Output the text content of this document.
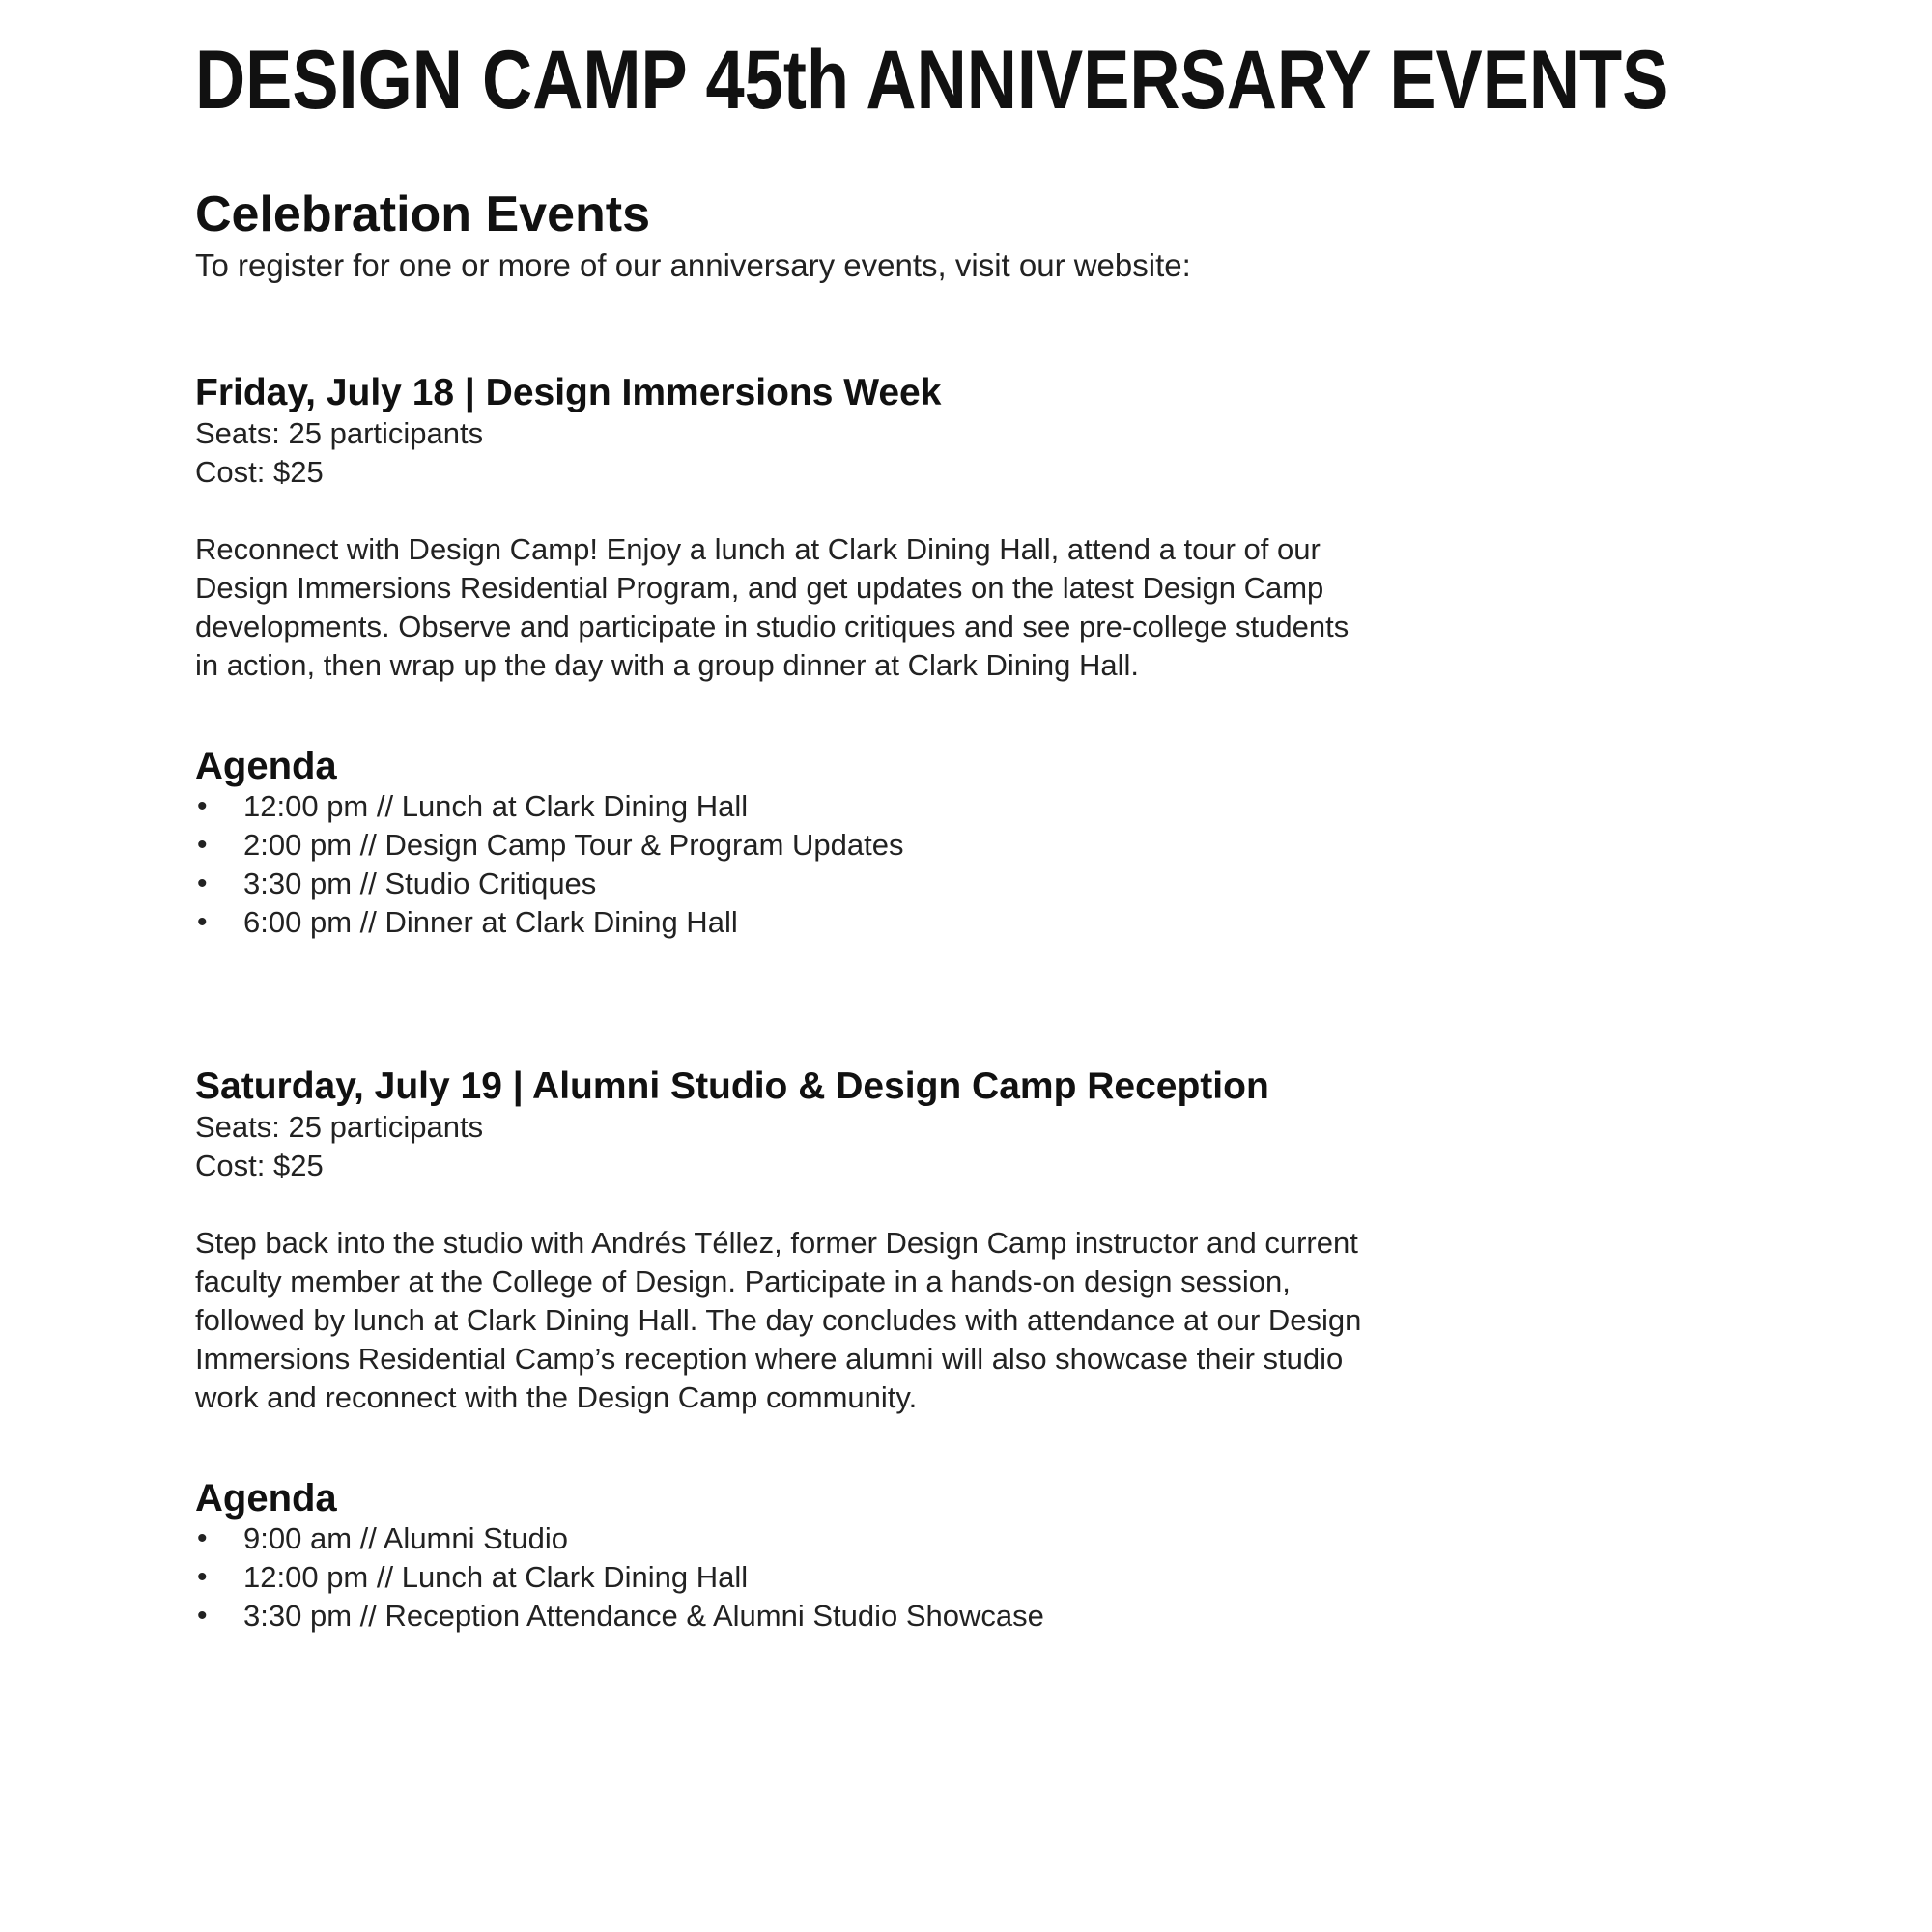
DESIGN CAMP 45th ANNIVERSARY EVENTS
Celebration Events
To register for one or more of our anniversary events, visit our website:
Friday, July 18 | Design Immersions Week
Seats: 25 participants
Cost: $25
Reconnect with Design Camp! Enjoy a lunch at Clark Dining Hall, attend a tour of our Design Immersions Residential Program, and get updates on the latest Design Camp developments. Observe and participate in studio critiques and see pre-college students in action, then wrap up the day with a group dinner at Clark Dining Hall.
Agenda
• 12:00 pm // Lunch at Clark Dining Hall
• 2:00 pm // Design Camp Tour & Program Updates
• 3:30 pm // Studio Critiques
• 6:00 pm // Dinner at Clark Dining Hall
Saturday, July 19 | Alumni Studio & Design Camp Reception
Seats: 25 participants
Cost: $25
Step back into the studio with Andrés Téllez, former Design Camp instructor and current faculty member at the College of Design. Participate in a hands-on design session, followed by lunch at Clark Dining Hall. The day concludes with attendance at our Design Immersions Residential Camp’s reception where alumni will also showcase their studio work and reconnect with the Design Camp community.
Agenda
• 9:00 am // Alumni Studio
• 12:00 pm // Lunch at Clark Dining Hall
• 3:30 pm // Reception Attendance & Alumni Studio Showcase
